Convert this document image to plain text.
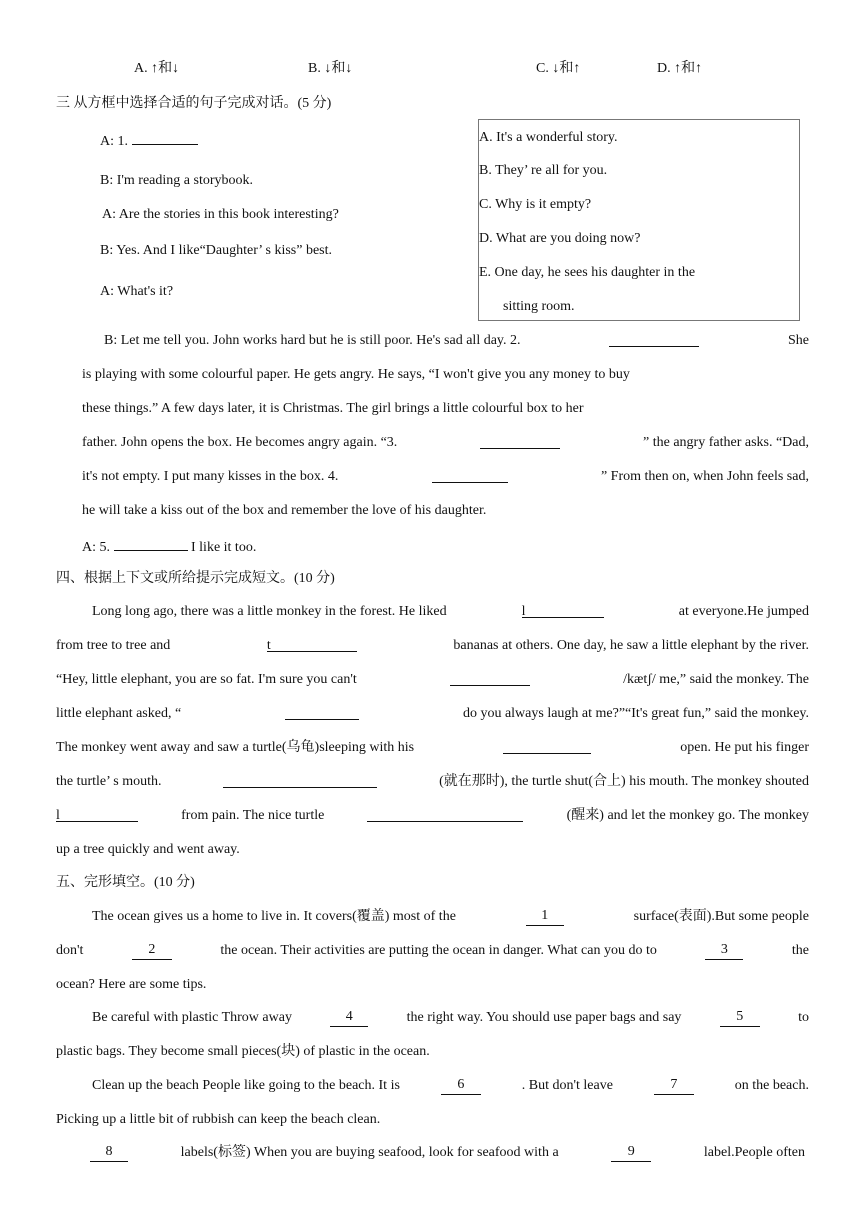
A. ↑和↓	B. ↓和↓	C. ↓和↑	D. ↑和↑
三 从方框中选择合适的句子完成对话。(5 分)
A: 1.
B: I'm reading a storybook.
A: Are the stories in this book interesting?
B: Yes. And I like“Daughter’ s kiss” best.
A: What's it?
A. It's a wonderful story.
B. They’ re all for you.
C. Why is it empty?
D. What are you doing now?
E. One day, he sees his daughter in the
sitting room.
B: Let me tell you. John works hard but he is still poor. He's sad all day. 2.	She
is playing with some colourful paper. He gets angry. He says, “I won't give you any money to buy
these things.” A few days later, it is Christmas. The girl brings a little colourful box to her
father. John opens the box. He becomes angry again. “3.	” the angry father asks. “Dad,
it's not empty. I put many kisses in the box. 4.	” From then on, when John feels sad,
he will take a kiss out of the box and remember the love of his daughter.
A: 5.	I like it too.
四、根据上下文或所给提示完成短文。(10 分)
Long long ago, there was a little monkey in the forest. He liked	l	at everyone.He jumped
from tree to tree and	t	bananas at others. One day, he saw a little elephant by the river.
“Hey, little elephant, you are so fat. I'm sure you can't	/kætʃ/ me,” said the monkey. The
little elephant asked, “	do you always laugh at me?”“It's great fun,” said the monkey.
The monkey went away and saw a turtle(乌龟)sleeping with his	open. He put his finger
the turtle’ s mouth.	(就在那时), the turtle shut(合上) his mouth. The monkey shouted
l	from pain. The nice turtle	(醒来) and let the monkey go. The monkey
up a tree quickly and went away.
五、完形填空。(10 分)
The ocean gives us a home to live in. It covers(覆盖) most of the	1	surface(表面).But some people
don't	2	the ocean. Their activities are putting the ocean in danger. What can you do to	3	the
ocean? Here are some tips.
Be careful with plastic Throw away	4	the right way. You should use paper bags and say	5	to
plastic bags. They become small pieces(块) of plastic in the ocean.
Clean up the beach People like going to the beach. It is	6	. But don't leave	7	on the beach.
Picking up a little bit of rubbish can keep the beach clean.
8	labels(标签) When you are buying seafood, look for seafood with a	9	label.People often
